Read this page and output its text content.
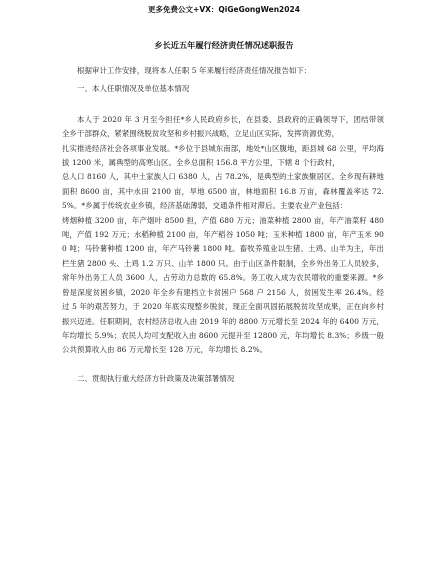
更多免费公文+VX：QiGeGongWen2024
乡长近五年履行经济责任情况述职报告

根据审计工作安排，现将本人任职 5 年来履行经济责任情况报告如下：

一、本人任职情况及单位基本情况

本人于 2020 年 3 月至今担任*乡人民政府乡长，在县委、县政府的正确领导下，团结带领全乡干部群众，紧紧围绕脱贫攻坚和乡村振兴战略，立足山区实际，发挥资源优势，

扎实推进经济社会各项事业发展。*乡位于县城东南部，地处*山区腹地，距县城 68 公里，平均海拔 1200 米，属典型的高寒山区。全乡总面积 156.8 平方公里，下辖 8 个行政村，

总人口 8160 人，其中土家族人口 6380 人，占 78.2%，是典型的土家族聚居区。全乡现有耕地面积 8600 亩，其中水田 2100 亩，旱地 6500 亩，林地面积 16.8 万亩，森林覆盖率达 72.5%。*乡属于传统农业乡镇，经济基础薄弱，交通条件相对滞后。主要农业产业包括：

烤烟种植 3200 亩，年产烟叶 8500 担，产值 680 万元；油菜种植 2800 亩，年产油菜籽 480 吨，产值 192 万元；水稻种植 2100 亩，年产稻谷 1050 吨；玉米种植 1800 亩，年产玉米 900 吨；马铃薯种植 1200 亩，年产马铃薯 1800 吨。畜牧养殖业以生猪、土鸡、山羊为主，年出栏生猪 2800 头、土鸡 1.2 万只、山羊 1800 只。由于山区条件限制，全乡外出务工人员较多，常年外出务工人员 3600 人，占劳动力总数的 65.8%。务工收入成为农民增收的重要来源。*乡曾是深度贫困乡镇，2020 年全乡有建档立卡贫困户 568 户 2156 人，贫困发生率 26.4%。经过 5 年的艰苦努力，于 2020 年底实现整乡脱贫，现正全面巩固拓展脱贫攻坚成果，正在向乡村振兴迈进。任职期间，农村经济总收入由 2019 年的 8800 万元增长至 2024 年的 6400 万元，年均增长 5.9%；农民人均可支配收入由 8600 元提升至 12800 元，年均增长 8.3%；乡级一般公共预算收入由 86 万元增长至 128 万元，年均增长 8.2%。

二、贯彻执行重大经济方针政策及决策部署情况
